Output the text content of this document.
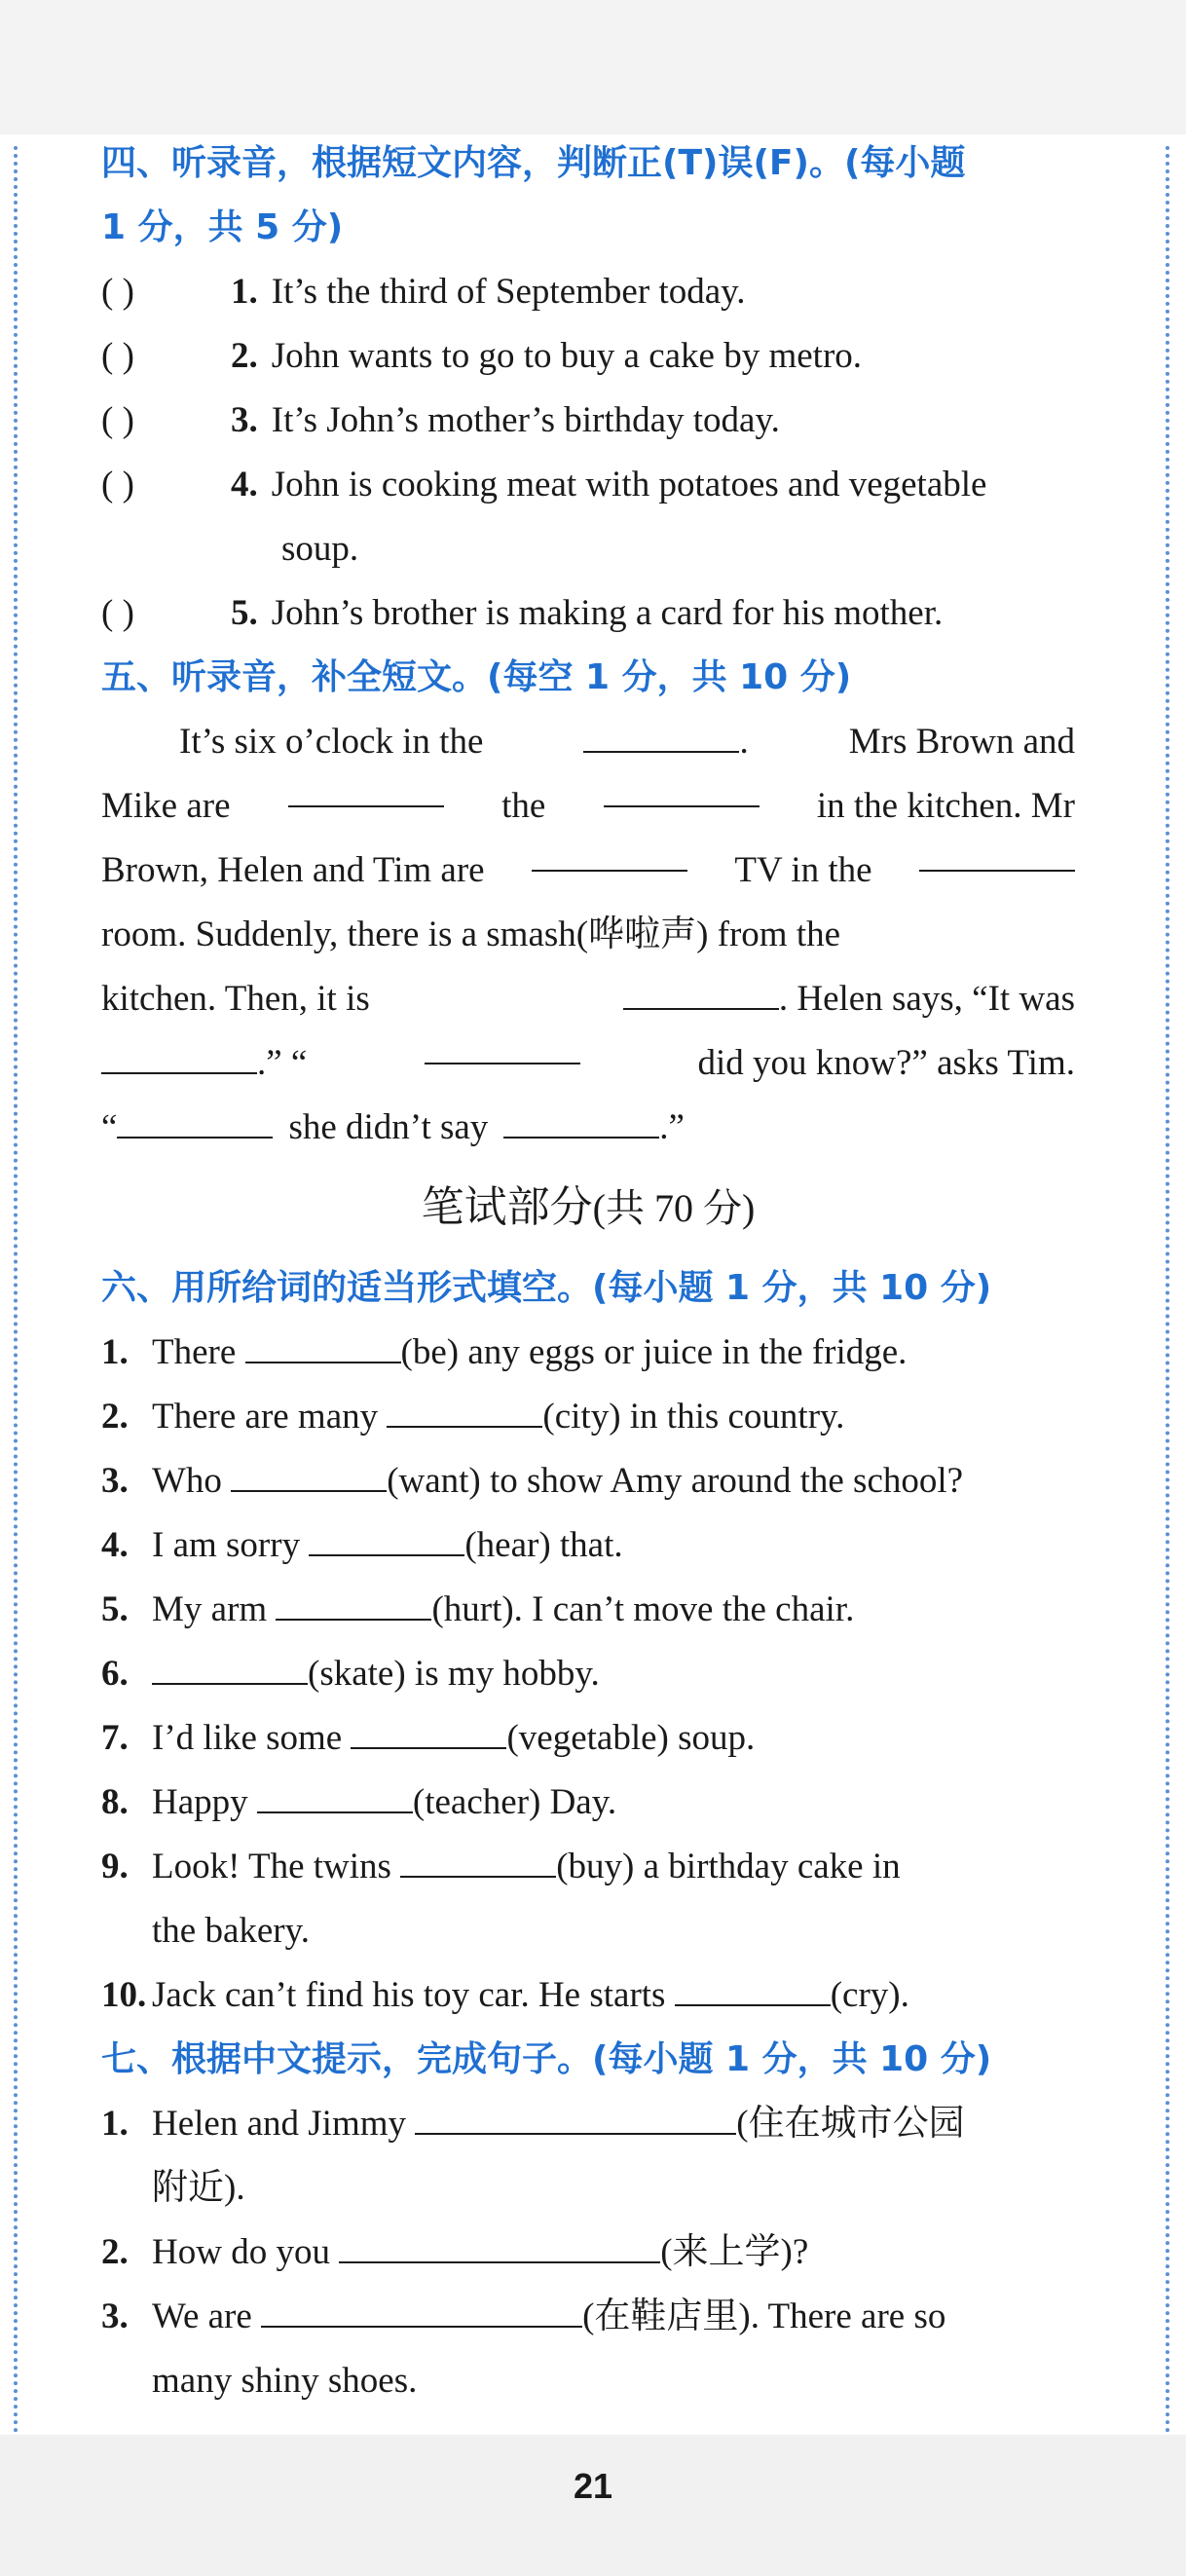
四、听录音，根据短文内容，判断正(T)误(F)。(每小题
1 分，共 5 分)
( )	1. It’s the third of September today.
( )	2. John wants to go to buy a cake by metro.
( )	3. It’s John’s mother’s birthday today.
( )	4. John is cooking meat with potatoes and vegetable
soup.
( )	5. John’s brother is making a card for his mother.
五、听录音，补全短文。(每空 1 分，共 10 分)
It’s six o’clock in the	.	Mrs Brown and
Mike are	the	in the kitchen. Mr
Brown, Helen and Tim are	TV in the
room. Suddenly, there is a smash(哗啦声) from the
kitchen. Then, it is	. Helen says, “It was
.” “	did you know?” asks Tim.
“	she didn’t say	.”
笔试部分(共 70 分)
六、用所给词的适当形式填空。(每小题 1 分，共 10 分)
1. There	(be) any eggs or juice in the fridge.
2. There are many	(city) in this country.
3. Who	(want) to show Amy around the school?
4. I am sorry	(hear) that.
5. My arm	(hurt). I can’t move the chair.
6.	(skate) is my hobby.
7. I’d like some	(vegetable) soup.
8. Happy	(teacher) Day.
9. Look! The twins	(buy) a birthday cake in
the bakery.
10. Jack can’t find his toy car. He starts	(cry).
七、根据中文提示，完成句子。(每小题 1 分，共 10 分)
1. Helen and Jimmy	(住在城市公园
附近).
2. How do you	(来上学)?
3. We are	(在鞋店里). There are so
many shiny shoes.
21
